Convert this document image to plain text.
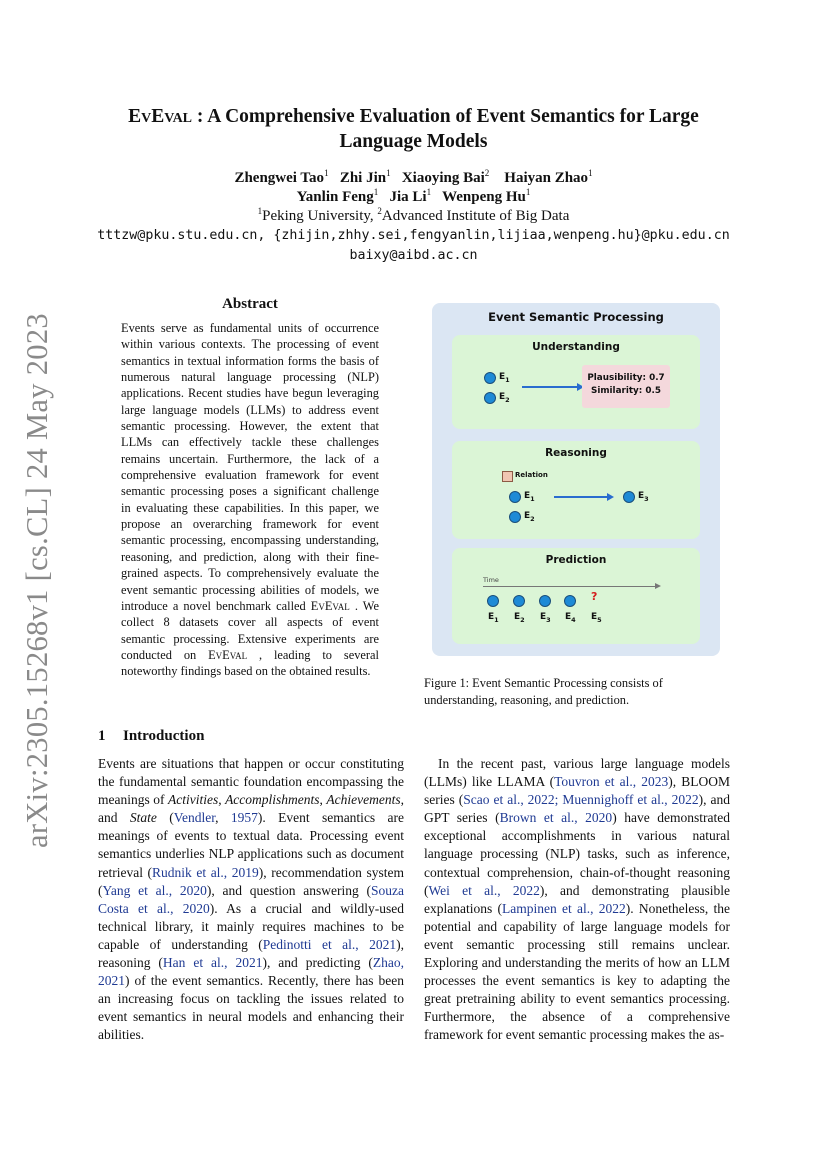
arXiv:2305.15268v1 [cs.CL] 24 May 2023
EvEval : A Comprehensive Evaluation of Event Semantics for Large Language Models
Zhengwei Tao$^1$ Zhi Jin$^1$ Xiaoying Bai$^2$ Haiyan Zhao$^1$
Yanlin Feng$^1$ Jia Li$^1$ Wenpeng Hu$^1$
$^1$Peking University, $^2$Advanced Institute of Big Data
tttzw@pku.stu.edu.cn, {zhijin,zhhy.sei,fengyanlin,lijiaa,wenpeng.hu}@pku.edu.cn
baixy@aibd.ac.cn
Abstract
Events serve as fundamental units of occurrence within various contexts. The processing of event semantics in textual information forms the basis of numerous natural language processing (NLP) applications. Recent studies have begun leveraging large language models (LLMs) to address event semantic processing. However, the extent that LLMs can effectively tackle these challenges remains uncertain. Furthermore, the lack of a comprehensive evaluation framework for event semantic processing poses a significant challenge in evaluating these capabilities. In this paper, we propose an overarching framework for event semantic processing, encompassing understanding, reasoning, and prediction, along with their fine-grained aspects. To comprehensively evaluate the event semantic processing abilities of models, we introduce a novel benchmark called EvEval . We collect 8 datasets cover all aspects of event semantic processing. Extensive experiments are conducted on EvEval , leading to several noteworthy findings based on the obtained results.
Event Semantic Processing
Understanding
$E_1$
$E_2$
Plausibility: 0.7
Similarity: 0.5
Reasoning
Relation
$E_1$
$E_2$
$E_3$
Prediction
Time
?
$E_1$ $E_2$ $E_3$ $E_4$ $E_5$
Figure 1: Event Semantic Processing consists of understanding, reasoning, and prediction.
1 Introduction
Events are situations that happen or occur constituting the fundamental semantic foundation encompassing the meanings of Activities, Accomplishments, Achievements, and State (Vendler, 1957). Event semantics are meanings of events to textual data. Processing event semantics underlies NLP applications such as document retrieval (Rudnik et al., 2019), recommendation system (Yang et al., 2020), and question answering (Souza Costa et al., 2020). As a crucial and wildly-used technical library, it mainly requires machines to be capable of understanding (Pedinotti et al., 2021), reasoning (Han et al., 2021), and predicting (Zhao, 2021) of the event semantics. Recently, there has been an increasing focus on tackling the issues related to event semantics in neural models and enhancing their abilities.
In the recent past, various large language models (LLMs) like LLAMA (Touvron et al., 2023), BLOOM series (Scao et al., 2022; Muennighoff et al., 2022), and GPT series (Brown et al., 2020) have demonstrated exceptional accomplishments in various natural language processing (NLP) tasks, such as inference, contextual comprehension, chain-of-thought reasoning (Wei et al., 2022), and demonstrating plausible explanations (Lampinen et al., 2022). Nonetheless, the potential and capability of large language models for event semantic processing still remains unclear. Exploring and understanding the merits of how an LLM processes the event semantics is key to adapting the great pretraining ability to event semantics processing. Furthermore, the absence of a comprehensive framework for event semantic processing makes the as-
